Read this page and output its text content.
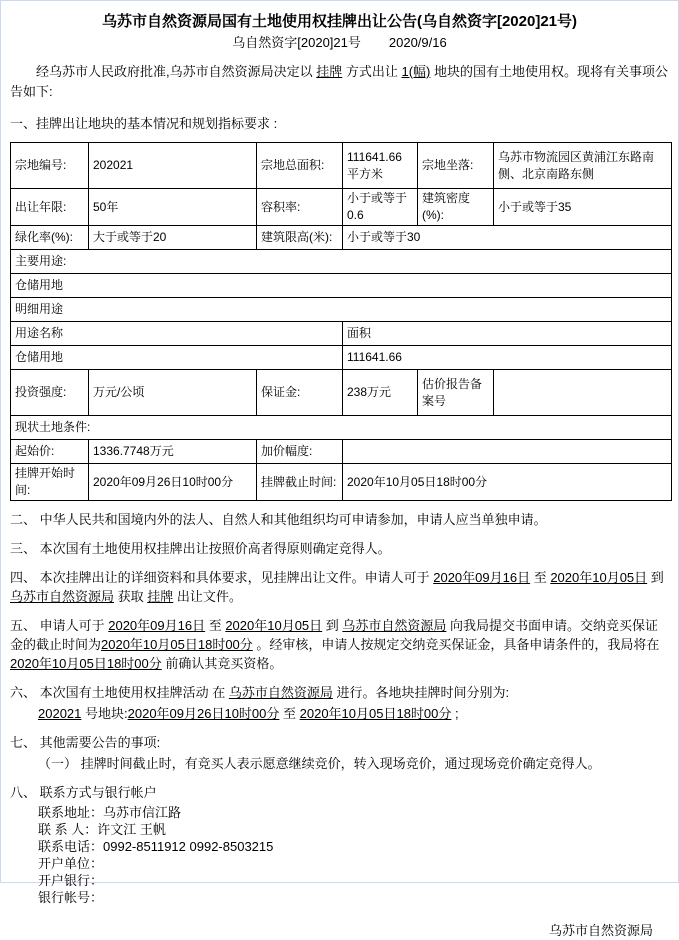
乌苏市自然资源局国有土地使用权挂牌出让公告(乌自然资字[2020]21号)
乌自然资字[2020]21号 2020/9/16

经乌苏市人民政府批准,乌苏市自然资源局决定以 挂牌 方式出让 1(幅) 地块的国有土地使用权。现将有关事项公告如下:

一、挂牌出让地块的基本情况和规划指标要求 :

宗地编号:	202021	宗地总面积:	111641.66平方米	宗地坐落:	乌苏市物流园区黄浦江东路南侧、北京南路东侧
出让年限:	50年	容积率:	小于或等于0.6	建筑密度(%):	小于或等于35
绿化率(%):	大于或等于20	建筑限高(米):	小于或等于30		
主要用途:					
仓储用地					
明细用途					
用途名称			面积		
仓储用地			111641.66		
投资强度:	万元/公顷	保证金:	238万元	估价报告备案号	
现状土地条件:					
起始价:	1336.7748万元	加价幅度:			
挂牌开始时间:	2020年09月26日10时00分	挂牌截止时间:	2020年10月05日18时00分		

二、 中华人民共和国境内外的法人、自然人和其他组织均可申请参加，申请人应当单独申请。

三、 本次国有土地使用权挂牌出让按照价高者得原则确定竞得人。

四、 本次挂牌出让的详细资料和具体要求，见挂牌出让文件。申请人可于 2020年09月16日 至 2020年10月05日 到 乌苏市自然资源局 获取 挂牌 出让文件。

五、 申请人可于 2020年09月16日 至 2020年10月05日 到 乌苏市自然资源局 向我局提交书面申请。交纳竞买保证金的截止时间为2020年10月05日18时00分 。经审核，申请人按规定交纳竞买保证金，具备申请条件的，我局将在 2020年10月05日18时00分 前确认其竞买资格。

六、 本次国有土地使用权挂牌活动 在 乌苏市自然资源局 进行。各地块挂牌时间分别为:

202021 号地块:2020年09月26日10时00分 至 2020年10月05日18时00分 ;

七、 其他需要公告的事项:

（一） 挂牌时间截止时，有竞买人表示愿意继续竞价，转入现场竞价，通过现场竞价确定竞得人。

八、 联系方式与银行帐户

联系地址：乌苏市信江路
联 系 人：许文江 王帆
联系电话：0992-8511912 0992-8503215
开户单位：
开户银行：
银行帐号：
乌苏市自然资源局
